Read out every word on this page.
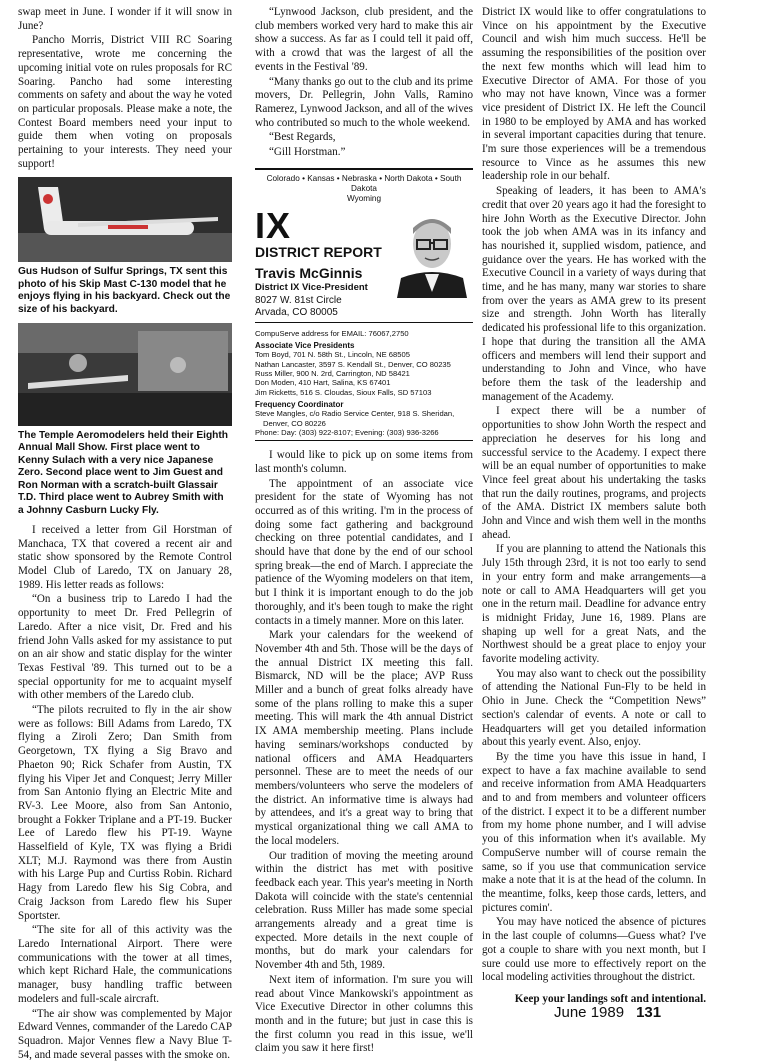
swap meet in June. I wonder if it will snow in June?

Pancho Morris, District VIII RC Soaring representative, wrote me concerning the upcoming initial vote on rules proposals for RC Soaring. Pancho had some interesting comments on safety and about the way he voted on particular proposals. Please make a note, the Contest Board members need your input to guide them when voting on proposals pertaining to your interests. They need your support!

Gus Hudson of Sulfur Springs, TX sent this photo of his Skip Mast C-130 model that he enjoys flying in his backyard. Check out the size of his backyard.
The Temple Aeromodelers held their Eighth Annual Mall Show. First place went to Kenny Sulach with a very nice Japanese Zero. Second place went to Jim Guest and Ron Norman with a scratch-built Glassair T.D. Third place went to Aubrey Smith with a Johnny Casburn Lucky Fly.

I received a letter from Gil Horstman of Manchaca, TX that covered a recent air and static show sponsored by the Remote Control Model Club of Laredo, TX on January 28, 1989. His letter reads as follows:

“On a business trip to Laredo I had the opportunity to meet Dr. Fred Pellegrin of Laredo. After a nice visit, Dr. Fred and his friend John Valls asked for my assistance to put on an air show and static display for the winter Texas Festival '89. This turned out to be a special opportunity for me to acquaint myself with other members of the Laredo club.

“The pilots recruited to fly in the air show were as follows: Bill Adams from Laredo, TX flying a Ziroli Zero; Dan Smith from Georgetown, TX flying a Sig Bravo and Phaeton 90; Rick Schafer from Austin, TX flying his Viper Jet and Conquest; Jerry Miller from San Antonio flying an Electric Mite and RV-3. Lee Moore, also from San Antonio, brought a Fokker Triplane and a PT-19. Bucker Lee of Laredo flew his PT-19. Wayne Hasselfield of Kyle, TX was flying a Bridi XLT; M.J. Raymond was there from Austin with his Large Pup and Curtiss Robin. Richard Hagy from Laredo flew his Sig Cobra, and Craig Jackson from Laredo flew his Super Sportster.

“The site for all of this activity was the Laredo International Airport. There were communications with the tower at all times, which kept Richard Hale, the communications manager, busy handling traffic between modelers and full-scale aircraft.

“The air show was complemented by Major Edward Vennes, commander of the Laredo CAP Squadron. Major Vennes flew a Navy Blue T-54, and made several passes with the smoke on.

“Lynwood Jackson, club president, and the club members worked very hard to make this air show a success. As far as I could tell it paid off, with a crowd that was the largest of all the events in the Festival '89.

“Many thanks go out to the club and its prime movers, Dr. Pellegrin, John Valls, Ramino Ramerez, Lynwood Jackson, and all of the wives who contributed so much to the whole weekend.

“Best Regards,

“Gill Horstman.”

Colorado • Kansas • Nebraska • North Dakota • South Dakota
Wyoming
IX
DISTRICT REPORT
Travis McGinnis
District IX Vice-President
8027 W. 81st Circle
Arvada, CO 80005
CompuServe address for EMAIL: 76067,2750
Associate Vice Presidents
Tom Boyd, 701 N. 58th St., Lincoln, NE 68505
Nathan Lancaster, 3597 S. Kendall St., Denver, CO 80235
Russ Miller, 900 N. 2rd, Carrington, ND 58421
Don Moden, 410 Hart, Salina, KS 67401
Jim Ricketts, 516 S. Cloudas, Sioux Falls, SD 57103
Frequency Coordinator
Steve Mangles, c/o Radio Service Center, 918 S. Sheridan,
Denver, CO 80226
Phone: Day: (303) 922-8107; Evening: (303) 936-3266

I would like to pick up on some items from last month's column.

The appointment of an associate vice president for the state of Wyoming has not occurred as of this writing. I'm in the process of doing some fact gathering and background checking on three potential candidates, and I should have that done by the end of our school spring break—the end of March. I appreciate the patience of the Wyoming modelers on that item, but I think it is important enough to do the job thoroughly, and it's been tough to make the right contacts in a timely manner. More on this later.

Mark your calendars for the weekend of November 4th and 5th. Those will be the days of the annual District IX meeting this fall. Bismarck, ND will be the place; AVP Russ Miller and a bunch of great folks already have some of the plans rolling to make this a super meeting. This will mark the 4th annual District IX AMA membership meeting. Plans include having seminars/workshops conducted by national officers and AMA Headquarters personnel. These are to meet the needs of our members/volunteers who serve the modelers of the district. An informative time is always had by attendees, and it's a great way to bring that mystical organizational thing we call AMA to the local modelers.

Our tradition of moving the meeting around within the district has met with positive feedback each year. This year's meeting in North Dakota will coincide with the state's centennial celebration. Russ Miller has made some special arrangements already and a great time is expected. More details in the next couple of months, but do mark your calendars for November 4th and 5th, 1989.

Next item of information. I'm sure you will read about Vince Mankowski's appointment as Vice Executive Director in other columns this month and in the future; but just in case this is the first column you read in this issue, we'll claim you saw it here first!

District IX would like to offer congratulations to Vince on his appointment by the Executive Council and wish him much success. He'll be assuming the responsibilities of the position over the next few months which will lead him to Executive Director of AMA. For those of you who may not have known, Vince was a former vice president of District IX. He left the Council in 1980 to be employed by AMA and has worked in several important capacities during that tenure. I'm sure those experiences will be a tremendous resource to Vince as he assumes this new leadership role in our behalf.

Speaking of leaders, it has been to AMA's credit that over 20 years ago it had the foresight to hire John Worth as the Executive Director. John took the job when AMA was in its infancy and has nourished it, supplied wisdom, patience, and guidance over the years. He has worked with the Executive Council in a variety of ways during that time, and he has many, many war stories to share from over the years as AMA grew to its present size and strength. John Worth has literally dedicated his professional life to this organization. I hope that during the transition all the AMA officers and members will lend their support and understanding to John and Vince, who have before them the task of the leadership and management of the Academy.

I expect there will be a number of opportunities to show John Worth the respect and appreciation he deserves for his long and successful service to the Academy. I expect there will be an equal number of opportunities to make Vince feel great about his undertaking the tasks that run the daily routines, programs, and projects of the AMA. District IX members salute both John and Vince and wish them well in the months ahead.

If you are planning to attend the Nationals this July 15th through 23rd, it is not too early to send in your entry form and make arrangements—a note or call to AMA Headquarters will get you one in the return mail. Deadline for advance entry is midnight Friday, June 16, 1989. Plans are shaping up well for a great Nats, and the Northwest should be a great place to enjoy your favorite modeling activity.

You may also want to check out the possibility of attending the National Fun-Fly to be held in Ohio in June. Check the “Competition News” section's calendar of events. A note or call to Headquarters will get you detailed information about this yearly event. Also, enjoy.

By the time you have this issue in hand, I expect to have a fax machine available to send and receive information from AMA Headquarters and to and from members and volunteer officers of the district. I expect it to be a different number from my home phone number, and I will advise you of this information when it's available. My CompuServe number will of course remain the same, so if you use that communication service make a note that it is at the head of the column. In the meantime, folks, keep those cards, letters, and pictures comin'.

You may have noticed the absence of pictures in the last couple of columns—Guess what? I've got a couple to share with you next month, but I sure could use more to effectively report on the local modeling activities throughout the district.

Keep your landings soft and intentional.
June 1989 131
